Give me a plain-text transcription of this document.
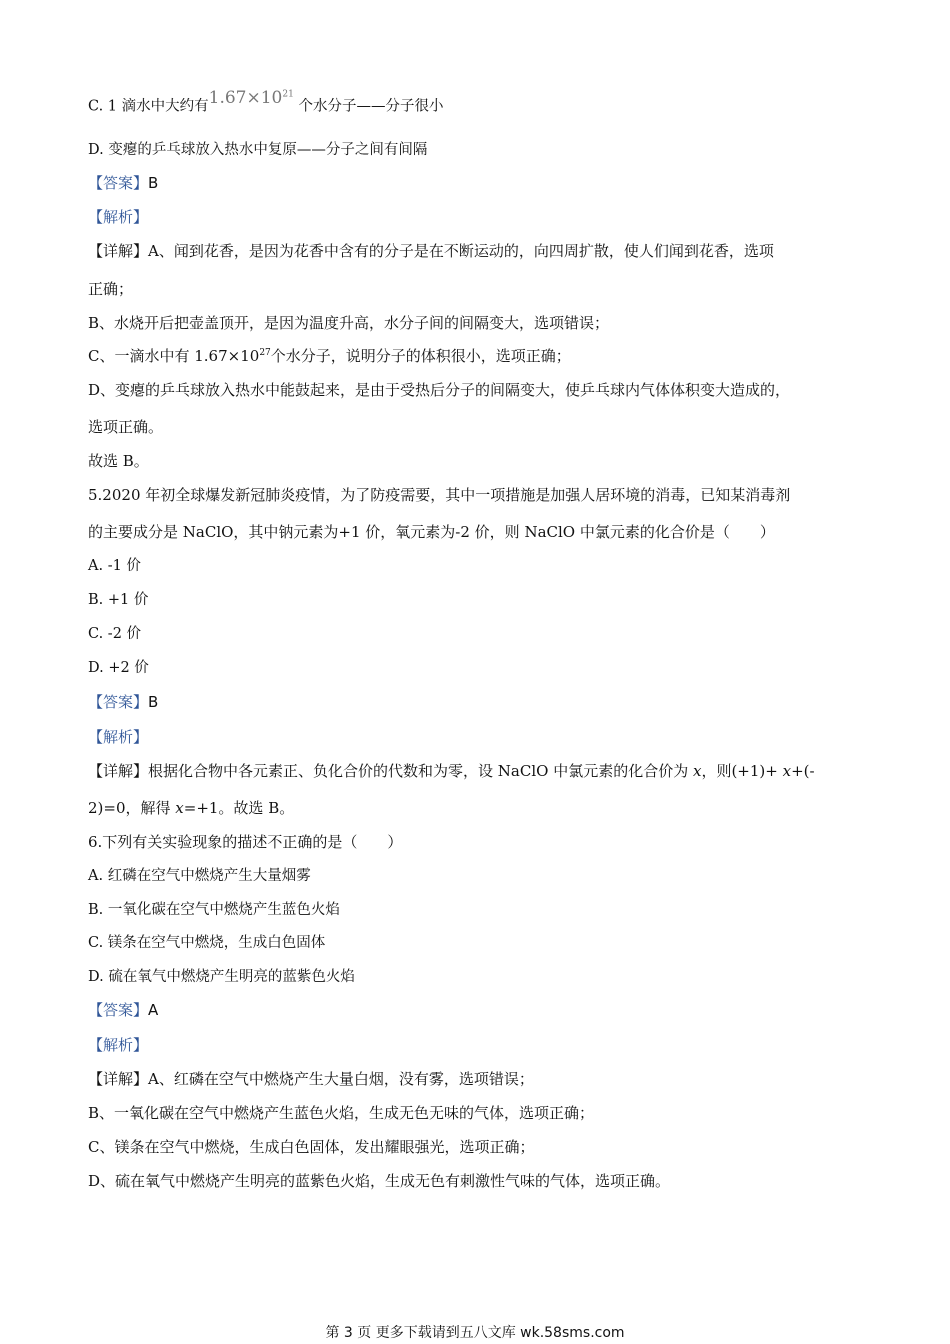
C. 1 滴水中大约有$1.67\times 10^{21}$ 个水分子——分子很小
D. 变瘪的乒乓球放入热水中复原——分子之间有间隔
【答案】B
【解析】
【详解】A、闻到花香，是因为花香中含有的分子是在不断运动的，向四周扩散，使人们闻到花香，选项
正确；
B、水烧开后把壶盖顶开，是因为温度升高，水分子间的间隔变大，选项错误；
C、一滴水中有 $1.67\times 10^{27}$个水分子，说明分子的体积很小，选项正确；
D、变瘪的乒乓球放入热水中能鼓起来，是由于受热后分子的间隔变大，使乒乓球内气体体积变大造成的，
选项正确。
故选 B。
5.2020 年初全球爆发新冠肺炎疫情，为了防疫需要，其中一项措施是加强人居环境的消毒，已知某消毒剂
的主要成分是 NaClO，其中钠元素为+1 价，氧元素为-2 价，则 NaClO 中氯元素的化合价是（　　）
A. -1 价
B. +1 价
C. -2 价
D. +2 价
【答案】B
【解析】
【详解】根据化合物中各元素正、负化合价的代数和为零，设 NaClO 中氯元素的化合价为 x，则(+1)+ x+(-
2)=0，解得 x=+1。故选 B。
6.下列有关实验现象的描述不正确的是（　　）
A. 红磷在空气中燃烧产生大量烟雾
B. 一氧化碳在空气中燃烧产生蓝色火焰
C. 镁条在空气中燃烧，生成白色固体
D. 硫在氧气中燃烧产生明亮的蓝紫色火焰
【答案】A
【解析】
【详解】A、红磷在空气中燃烧产生大量白烟，没有雾，选项错误；
B、一氧化碳在空气中燃烧产生蓝色火焰，生成无色无味的气体，选项正确；
C、镁条在空气中燃烧，生成白色固体，发出耀眼强光，选项正确；
D、硫在氧气中燃烧产生明亮的蓝紫色火焰，生成无色有刺激性气味的气体，选项正确。
第 3 页 更多下载请到五八文库 wk.58sms.com
